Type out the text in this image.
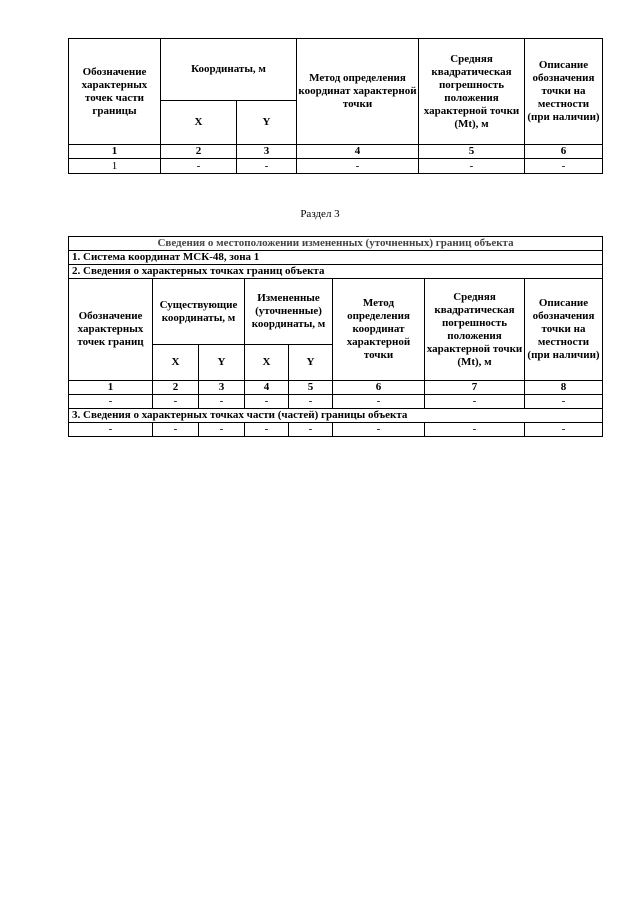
Обозначение характерных точек части границы	Координаты, м		Метод определения координат характерной точки	Средняя квадратическая погрешность положения характерной точки (Mt), м	Описание обозначения точки на местности (при наличии)
	X	Y			
1	2	3	4	5	6
1	-	-	-	-	-
Раздел 3
Сведения о местоположении измененных (уточненных) границ объекта							
1. Система координат МСК-48, зона 1							
2. Сведения о характерных точках границ объекта							
Обозначение характерных точек границ	Существующие координаты, м		Измененные (уточненные) координаты, м		Метод определения координат характерной точки	Средняя квадратическая погрешность положения характерной точки (Mt), м	Описание обозначения точки на местности (при наличии)
	X	Y	X	Y			
1	2	3	4	5	6	7	8
-	-	-	-	-	-	-	-
3. Сведения о характерных точках части (частей) границы объекта							
-	-	-	-	-	-	-	-
